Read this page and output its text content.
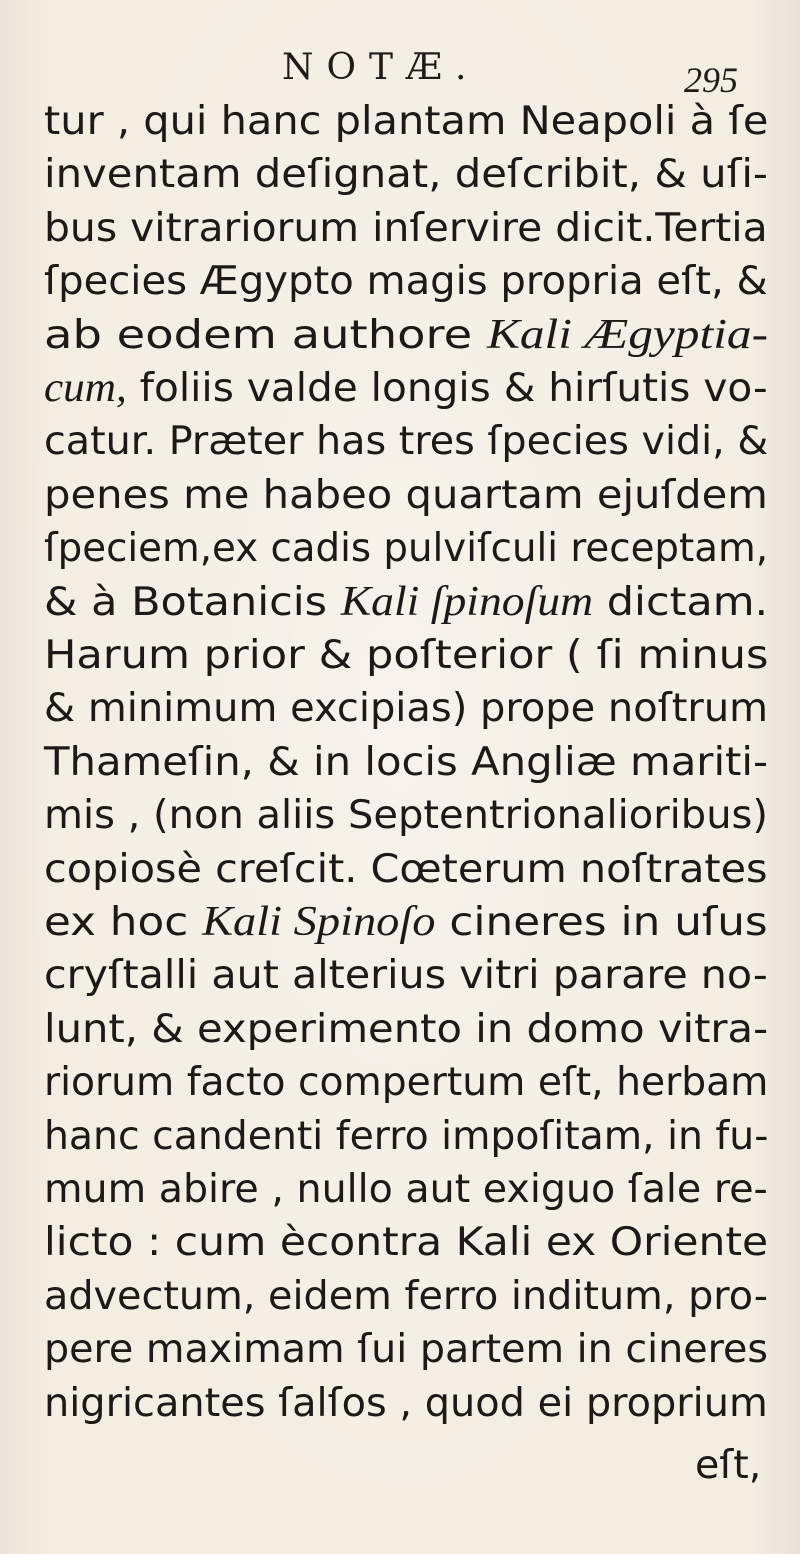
NOTÆ.	295
tur , qui hanc plantam Neapoli à ſe
inventam deſignat, deſcribit, & uſi-
bus vitrariorum inſervire dicit.Tertia
ſpecies Ægypto magis propria eſt, &
ab eodem authore Kali Ægyptia-
cum, foliis valde longis & hirſutis vo-
catur. Præter has tres ſpecies vidi, &
penes me habeo quartam ejuſdem
ſpeciem,ex cadis pulviſculi receptam,
& à Botanicis Kali ſpinoſum dictam.
Harum prior & poſterior ( ſi minus
& minimum excipias) prope noſtrum
Thameſin, & in locis Angliæ mariti-
mis , (non aliis Septentrionalioribus)
copiosè creſcit. Cœterum noſtrates
ex hoc Kali Spinoſo cineres in uſus
cryſtalli aut alterius vitri parare no-
lunt, & experimento in domo vitra-
riorum facto compertum eſt, herbam
hanc candenti ferro impoſitam, in fu-
mum abire , nullo aut exiguo ſale re-
licto : cum ècontra Kali ex Oriente
advectum, eidem ferro inditum, pro-
pere maximam ſui partem in cineres
nigricantes ſalſos , quod ei proprium
eſt,
